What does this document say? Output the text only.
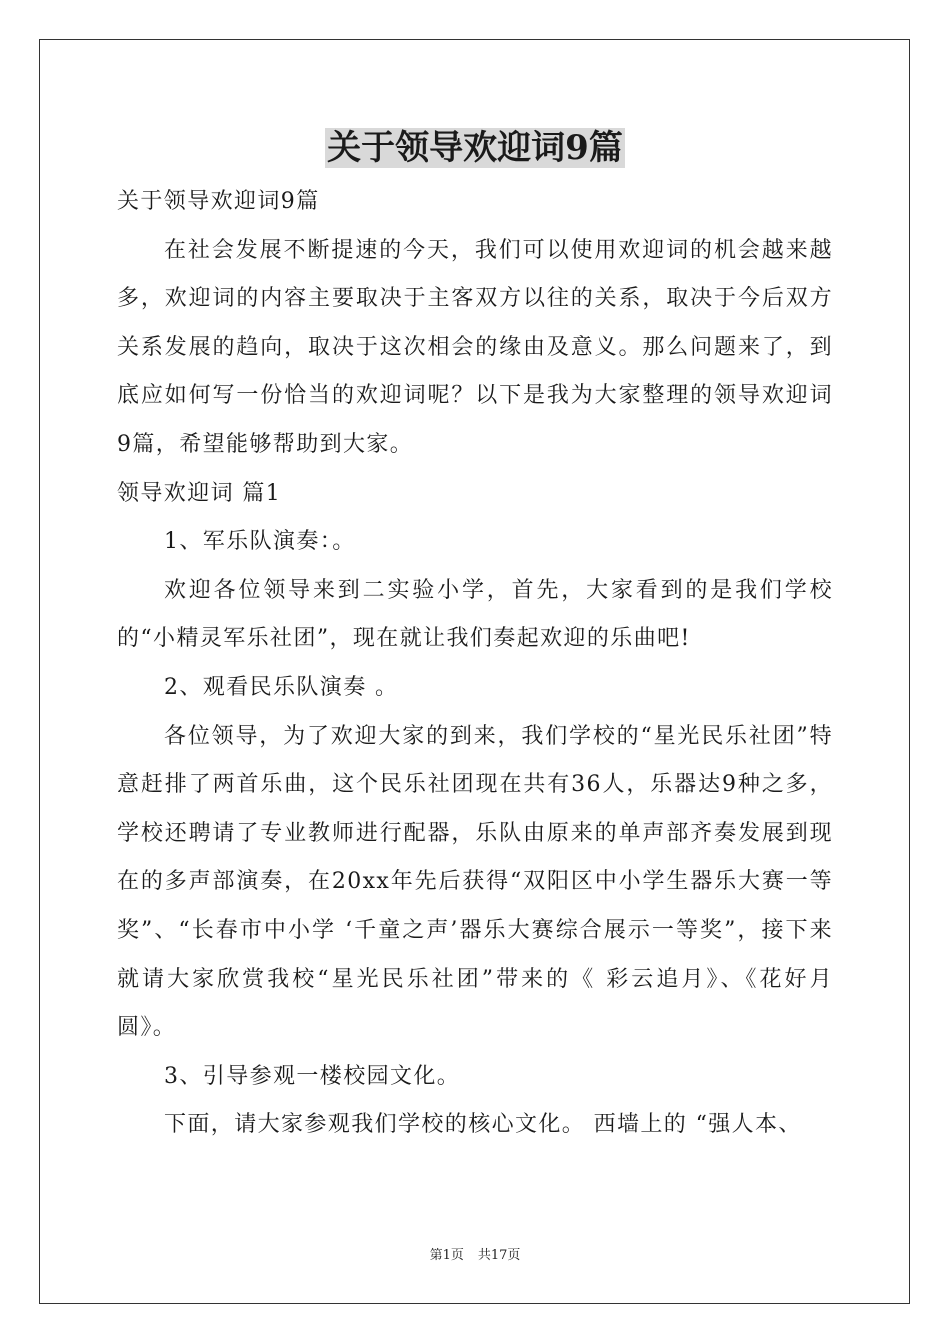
关于领导欢迎词9篇

关于领导欢迎词9篇

在社会发展不断提速的今天，我们可以使用欢迎词的机会越来越多，欢迎词的内容主要取决于主客双方以往的关系，取决于今后双方关系发展的趋向，取决于这次相会的缘由及意义。那么问题来了，到底应如何写一份恰当的欢迎词呢？以下是我为大家整理的领导欢迎词9篇，希望能够帮助到大家。

领导欢迎词 篇1

1、军乐队演奏：。

欢迎各位领导来到二实验小学，首先，大家看到的是我们学校的“小精灵军乐社团”，现在就让我们奏起欢迎的乐曲吧!

2、观看民乐队演奏 。

各位领导，为了欢迎大家的到来，我们学校的“星光民乐社团”特意赶排了两首乐曲，这个民乐社团现在共有36人，乐器达9种之多，学校还聘请了专业教师进行配器，乐队由原来的单声部齐奏发展到现在的多声部演奏，在20xx年先后获得“双阳区中小学生器乐大赛一等奖”、“长春市中小学 ‘千童之声’器乐大赛综合展示一等奖”，接下来就请大家欣赏我校“星光民乐社团”带来的《 彩云追月》、《花好月圆》。

3、引导参观一楼校园文化。

下面，请大家参观我们学校的核心文化。 西墙上的 “强人本、

第1页 共17页
